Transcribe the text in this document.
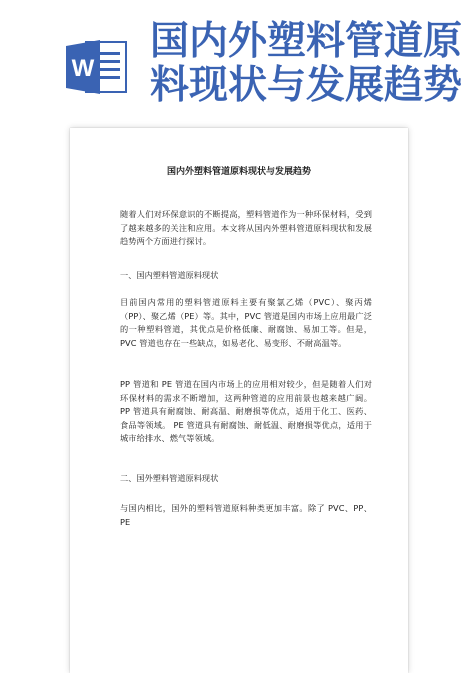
W
国内外塑料管道原
料现状与发展趋势
国内外塑料管道原料现状与发展趋势
随着人们对环保意识的不断提高，塑料管道作为一种环保材料，受到了越来越多的关注和应用。本文将从国内外塑料管道原料现状和发展趋势两个方面进行探讨。
一、国内塑料管道原料现状
目前国内常用的塑料管道原料主要有聚氯乙烯（PVC）、聚丙烯（PP）、聚乙烯（PE）等。其中，PVC 管道是国内市场上应用最广泛的一种塑料管道，其优点是价格低廉、耐腐蚀、易加工等。但是，PVC 管道也存在一些缺点，如易老化、易变形、不耐高温等。
PP 管道和 PE 管道在国内市场上的应用相对较少，但是随着人们对环保材料的需求不断增加，这两种管道的应用前景也越来越广阔。 PP 管道具有耐腐蚀、耐高温、耐磨损等优点，适用于化工、医药、食品等领域。 PE 管道具有耐腐蚀、耐低温、耐磨损等优点，适用于城市给排水、燃气等领域。
二、国外塑料管道原料现状
与国内相比，国外的塑料管道原料种类更加丰富。除了 PVC、PP、PE
